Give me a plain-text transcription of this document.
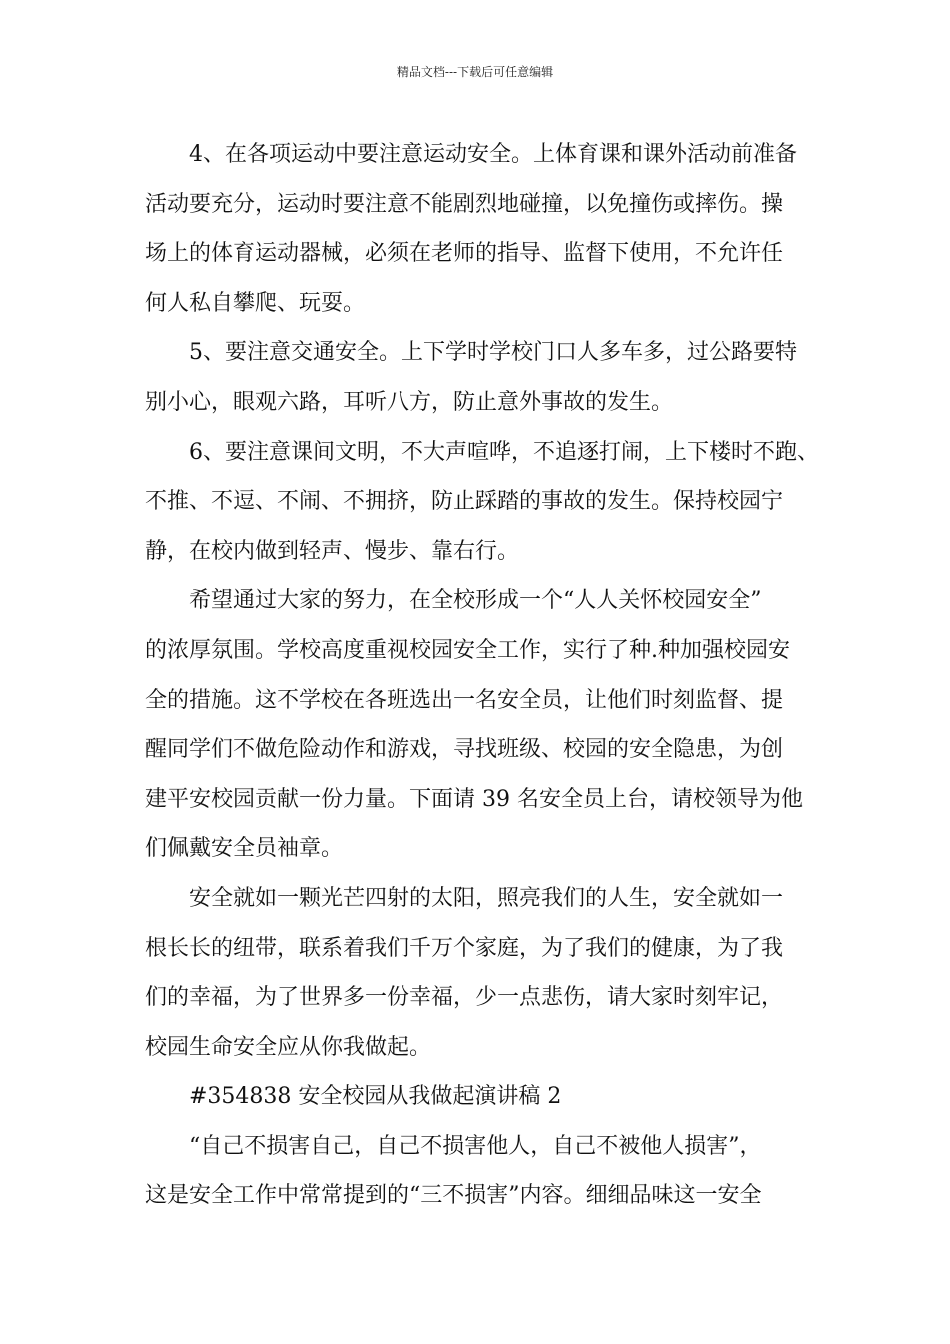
精品文档---下载后可任意编辑
4、在各项运动中要注意运动安全。上体育课和课外活动前准备
活动要充分，运动时要注意不能剧烈地碰撞，以免撞伤或摔伤。操
场上的体育运动器械，必须在老师的指导、监督下使用，不允许任
何人私自攀爬、玩耍。
5、要注意交通安全。上下学时学校门口人多车多，过公路要特
别小心，眼观六路，耳听八方，防止意外事故的发生。
6、要注意课间文明，不大声喧哗，不追逐打闹，上下楼时不跑、
不推、不逗、不闹、不拥挤，防止踩踏的事故的发生。保持校园宁
静，在校内做到轻声、慢步、靠右行。
希望通过大家的努力，在全校形成一个“人人关怀校园安全”
的浓厚氛围。学校高度重视校园安全工作，实行了种.种加强校园安
全的措施。这不学校在各班选出一名安全员，让他们时刻监督、提
醒同学们不做危险动作和游戏，寻找班级、校园的安全隐患，为创
建平安校园贡献一份力量。下面请 39 名安全员上台，请校领导为他
们佩戴安全员袖章。
安全就如一颗光芒四射的太阳，照亮我们的人生，安全就如一
根长长的纽带，联系着我们千万个家庭，为了我们的健康，为了我
们的幸福，为了世界多一份幸福，少一点悲伤，请大家时刻牢记，
校园生命安全应从你我做起。
#354838 安全校园从我做起演讲稿 2
“自己不损害自己，自己不损害他人，自己不被他人损害”，
这是安全工作中常常提到的“三不损害”内容。细细品味这一安全
